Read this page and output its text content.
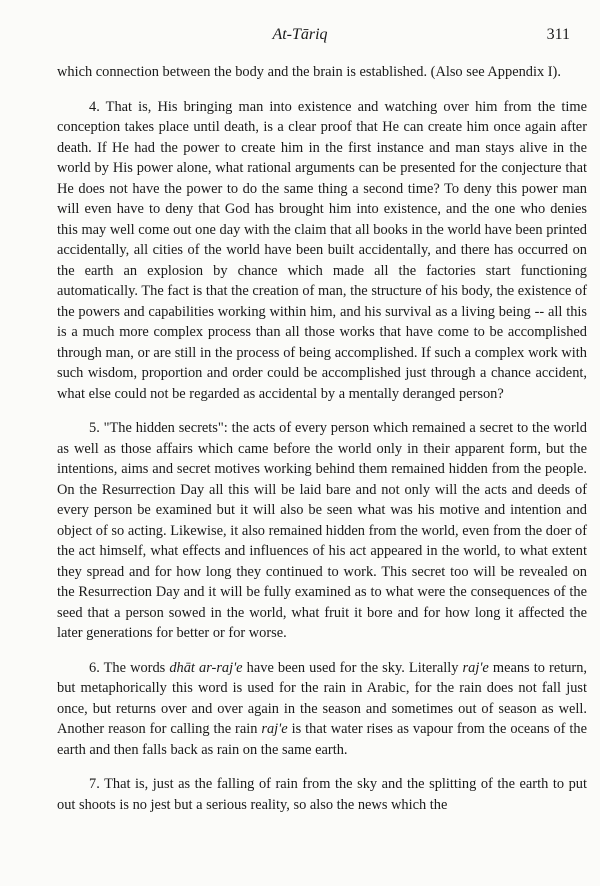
At-Tāriq	311

which connection between the body and the brain is established. (Also see Appendix I).

4. That is, His bringing man into existence and watching over him from the time conception takes place until death, is a clear proof that He can create him once again after death. If He had the power to create him in the first instance and man stays alive in the world by His power alone, what rational arguments can be presented for the conjecture that He does not have the power to do the same thing a second time? To deny this power man will even have to deny that God has brought him into existence, and the one who denies this may well come out one day with the claim that all books in the world have been printed accidentally, all cities of the world have been built accidentally, and there has occurred on the earth an explosion by chance which made all the factories start functioning automatically. The fact is that the creation of man, the structure of his body, the existence of the powers and capabilities working within him, and his survival as a living being -- all this is a much more complex process than all those works that have come to be accomplished through man, or are still in the process of being accomplished. If such a complex work with such wisdom, proportion and order could be accomplished just through a chance accident, what else could not be regarded as accidental by a mentally deranged person?

5. "The hidden secrets": the acts of every person which remained a secret to the world as well as those affairs which came before the world only in their apparent form, but the intentions, aims and secret motives working behind them remained hidden from the people. On the Resurrection Day all this will be laid bare and not only will the acts and deeds of every person be examined but it will also be seen what was his motive and intention and object of so acting. Likewise, it also remained hidden from the world, even from the doer of the act himself, what effects and influences of his act appeared in the world, to what extent they spread and for how long they continued to work. This secret too will be revealed on the Resurrection Day and it will be fully examined as to what were the consequences of the seed that a person sowed in the world, what fruit it bore and for how long it affected the later generations for better or for worse.

6. The words dhāt ar-raj'e have been used for the sky. Literally raj'e means to return, but metaphorically this word is used for the rain in Arabic, for the rain does not fall just once, but returns over and over again in the season and sometimes out of season as well. Another reason for calling the rain raj'e is that water rises as vapour from the oceans of the earth and then falls back as rain on the same earth.

7. That is, just as the falling of rain from the sky and the splitting of the earth to put out shoots is no jest but a serious reality, so also the news which the
